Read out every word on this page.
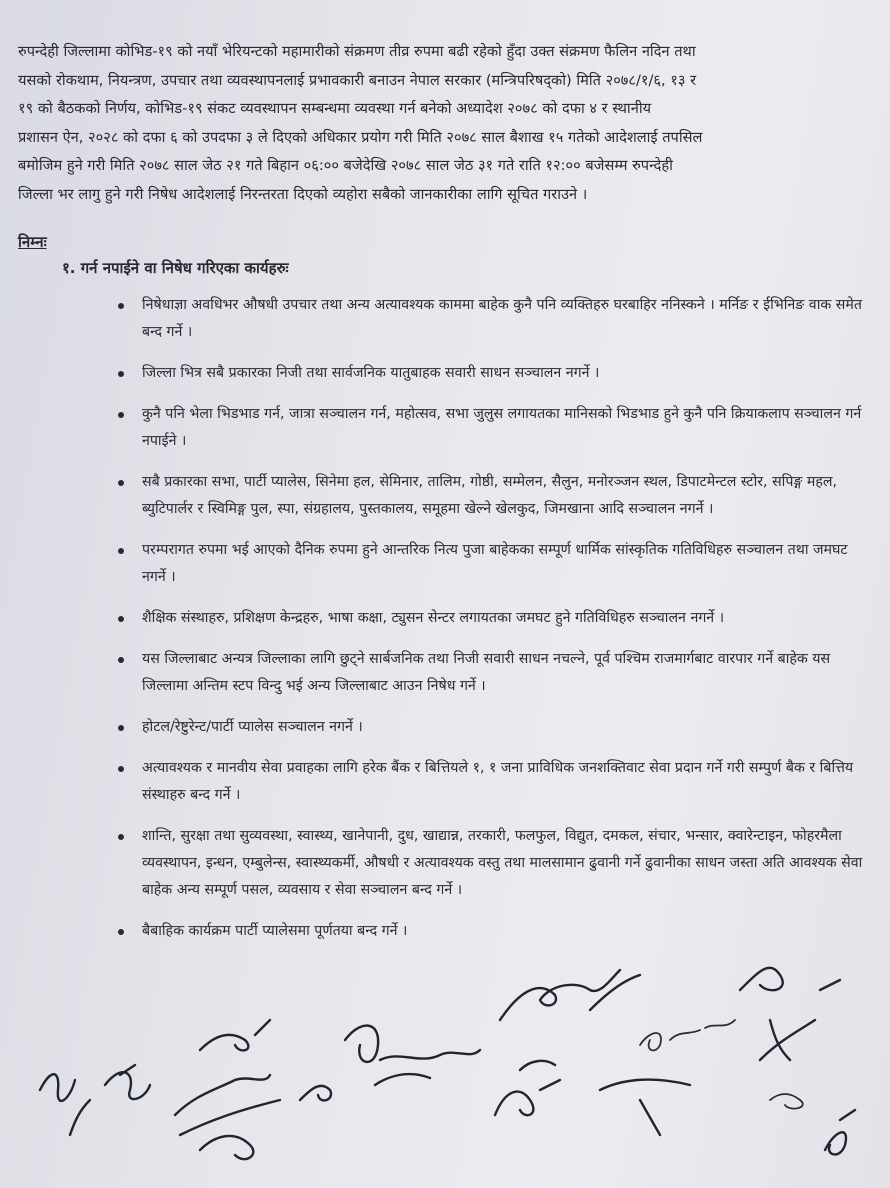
रुपन्देही जिल्लामा कोभिड-१९ को नयाँ भेरियन्टको महामारीको संक्रमण तीव्र रुपमा बढी रहेको हुँदा उक्त संक्रमण फैलिन नदिन तथा

यसको रोकथाम, नियन्त्रण, उपचार तथा व्यवस्थापनलाई प्रभावकारी बनाउन नेपाल सरकार (मन्त्रिपरिषद्को) मिति २०७८/१/६, १३ र

१९ को बैठकको निर्णय, कोभिड-१९ संकट व्यवस्थापन सम्बन्धमा व्यवस्था गर्न बनेको अध्यादेश २०७८ को दफा ४ र स्थानीय

प्रशासन ऐन, २०२८ को दफा ६ को उपदफा ३ ले दिएको अधिकार प्रयोग गरी मिति २०७८ साल बैशाख १५ गतेको आदेशलाई तपसिल

बमोजिम हुने गरी मिति २०७८ साल जेठ २१ गते बिहान ०६:०० बजेदेखि २०७८ साल जेठ ३१ गते राति १२:०० बजेसम्म रुपन्देही

जिल्ला भर लागु हुने गरी निषेध आदेशलाई निरन्तरता दिएको व्यहोरा सबैको जानकारीका लागि सूचित गराउने ।

निम्नः
१. गर्न नपाईने वा निषेध गरिएका कार्यहरुः
निषेधाज्ञा अवधिभर औषधी उपचार तथा अन्य अत्यावश्यक काममा बाहेक कुनै पनि व्यक्तिहरु घरबाहिर ननिस्कने । मर्निङ र ईभिनिङ वाक समेत बन्द गर्ने ।
जिल्ला भित्र सबै प्रकारका निजी तथा सार्वजनिक यातुबाहक सवारी साधन सञ्चालन नगर्ने ।
कुनै पनि भेला भिडभाड गर्न, जात्रा सञ्चालन गर्न, महोत्सव, सभा जुलुस लगायतका मानिसको भिडभाड हुने कुनै पनि क्रियाकलाप सञ्चालन गर्न नपाईने ।
सबै प्रकारका सभा, पार्टी प्यालेस, सिनेमा हल, सेमिनार, तालिम, गोष्ठी, सम्मेलन, सैलुन, मनोरञ्जन स्थल, डिपाटमेन्टल स्टोर, सपिङ्ग महल, ब्युटिपार्लर र स्विमिङ्ग पुल, स्पा, संग्रहालय, पुस्तकालय, समूहमा खेल्ने खेलकुद, जिमखाना आदि सञ्चालन नगर्ने ।
परम्परागत रुपमा भई आएको दैनिक रुपमा हुने आन्तरिक नित्य पुजा बाहेकका सम्पूर्ण धार्मिक सांस्कृतिक गतिविधिहरु सञ्चालन तथा जमघट नगर्ने ।
शैक्षिक संस्थाहरु, प्रशिक्षण केन्द्रहरु, भाषा कक्षा, ट्युसन सेन्टर लगायतका जमघट हुने गतिविधिहरु सञ्चालन नगर्ने ।
यस जिल्लाबाट अन्यत्र जिल्लाका लागि छुट्ने सार्बजनिक तथा निजी सवारी साधन नचल्ने, पूर्व पश्चिम राजमार्गबाट वारपार गर्ने बाहेक यस जिल्लामा अन्तिम स्टप विन्दु भई अन्य जिल्लाबाट आउन निषेध गर्ने ।
होटल/रेष्टुरेन्ट/पार्टी प्यालेस सञ्चालन नगर्ने ।
अत्यावश्यक र मानवीय सेवा प्रवाहका लागि हरेक बैंक र बित्तियले १, १ जना प्राविधिक जनशक्तिवाट सेवा प्रदान गर्ने गरी सम्पुर्ण बैक र बित्तिय संस्थाहरु बन्द गर्ने ।
शान्ति, सुरक्षा तथा सुव्यवस्था, स्वास्थ्य, खानेपानी, दुध, खाद्यान्न, तरकारी, फलफुल, विद्युत, दमकल, संचार, भन्सार, क्वारेन्टाइन, फोहरमैला व्यवस्थापन, इन्धन, एम्बुलेन्स, स्वास्थ्यकर्मी, औषधी र अत्यावश्यक वस्तु तथा मालसामान ढुवानी गर्ने ढुवानीका साधन जस्ता अति आवश्यक सेवा बाहेक अन्य सम्पूर्ण पसल, व्यवसाय र सेवा सञ्चालन बन्द गर्ने ।
बैबाहिक कार्यक्रम पार्टी प्यालेसमा पूर्णतया बन्द गर्ने ।
